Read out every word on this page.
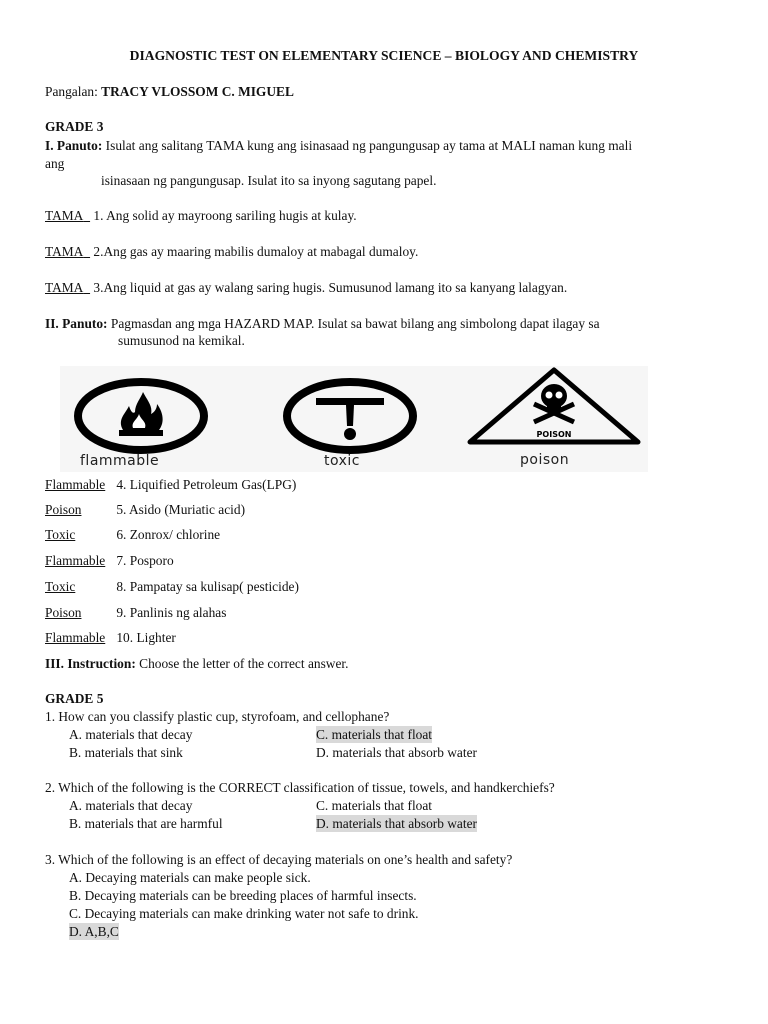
DIAGNOSTIC TEST ON ELEMENTARY SCIENCE – BIOLOGY AND CHEMISTRY
Pangalan: TRACY VLOSSOM C. MIGUEL
GRADE 3
I. Panuto: Isulat ang salitang TAMA kung ang isinasaad ng pangungusap ay tama at MALI naman kung mali
ang
isinasaan ng pangungusap. Isulat ito sa inyong sagutang papel.
TAMA 1. Ang solid ay mayroong sariling hugis at kulay.
TAMA 2.Ang gas ay maaring mabilis dumaloy at mabagal dumaloy.
TAMA 3.Ang liquid at gas ay walang saring hugis. Sumusunod lamang ito sa kanyang lalagyan.
II. Panuto: Pagmasdan ang mga HAZARD MAP. Isulat sa bawat bilang ang simbolong dapat ilagay sa
sumusunod na kemikal.
POISON
flammable	toxic	poison
Flammable 4. Liquified Petroleum Gas(LPG)
Poison	5. Asido (Muriatic acid)
Toxic	6. Zonrox/ chlorine
Flammable 7. Posporo
Toxic	8. Pampatay sa kulisap( pesticide)
Poison	9. Panlinis ng alahas
Flammable 10. Lighter
III. Instruction: Choose the letter of the correct answer.
GRADE 5
1. How can you classify plastic cup, styrofoam, and cellophane?
A. materials that decay	C. materials that float
B. materials that sink	D. materials that absorb water
2. Which of the following is the CORRECT classification of tissue, towels, and handkerchiefs?
A. materials that decay	C. materials that float
B. materials that are harmful	D. materials that absorb water
3. Which of the following is an effect of decaying materials on one’s health and safety?
A. Decaying materials can make people sick.
B. Decaying materials can be breeding places of harmful insects.
C. Decaying materials can make drinking water not safe to drink.
D. A,B,C
